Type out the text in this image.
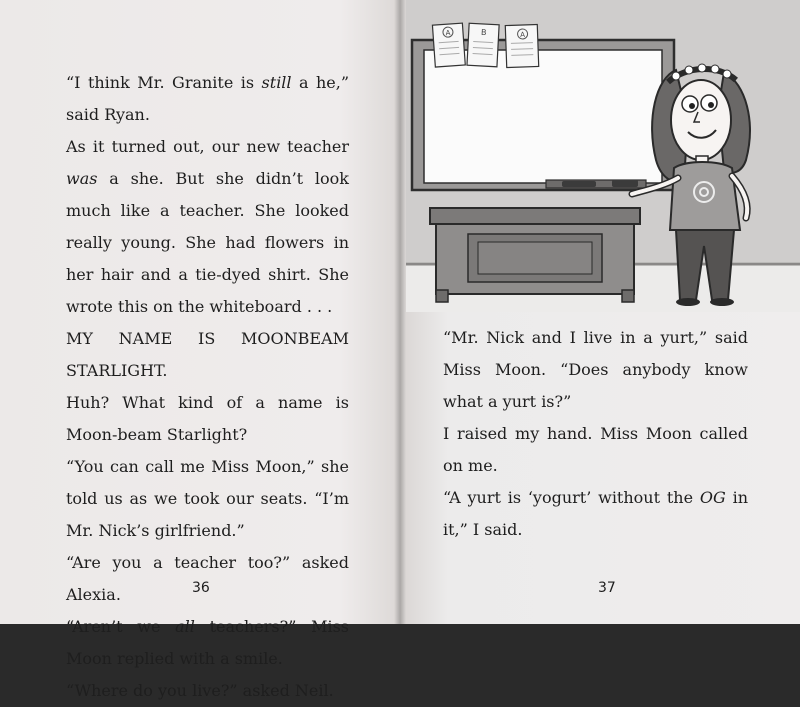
“I think Mr. Granite is still a he,” said Ryan.

As it turned out, our new teacher was a she. But she didn’t look much like a teacher. She looked really young. She had flowers in her hair and a tie-dyed shirt. She wrote this on the whiteboard . . .

MY NAME IS MOONBEAM STARLIGHT.

Huh? What kind of a name is Moon-beam Starlight?

“You can call me Miss Moon,” she told us as we took our seats. “I’m Mr. Nick’s girlfriend.”

“Are you a teacher too?” asked Alexia.

“Aren’t we all teachers?” Miss Moon replied with a smile.

“Where do you live?” asked Neil.

36
A	B	A

“Mr. Nick and I live in a yurt,” said Miss Moon. “Does anybody know what a yurt is?”

I raised my hand. Miss Moon called on me.

“A yurt is ‘yogurt’ without the OG in it,” I said.

37
